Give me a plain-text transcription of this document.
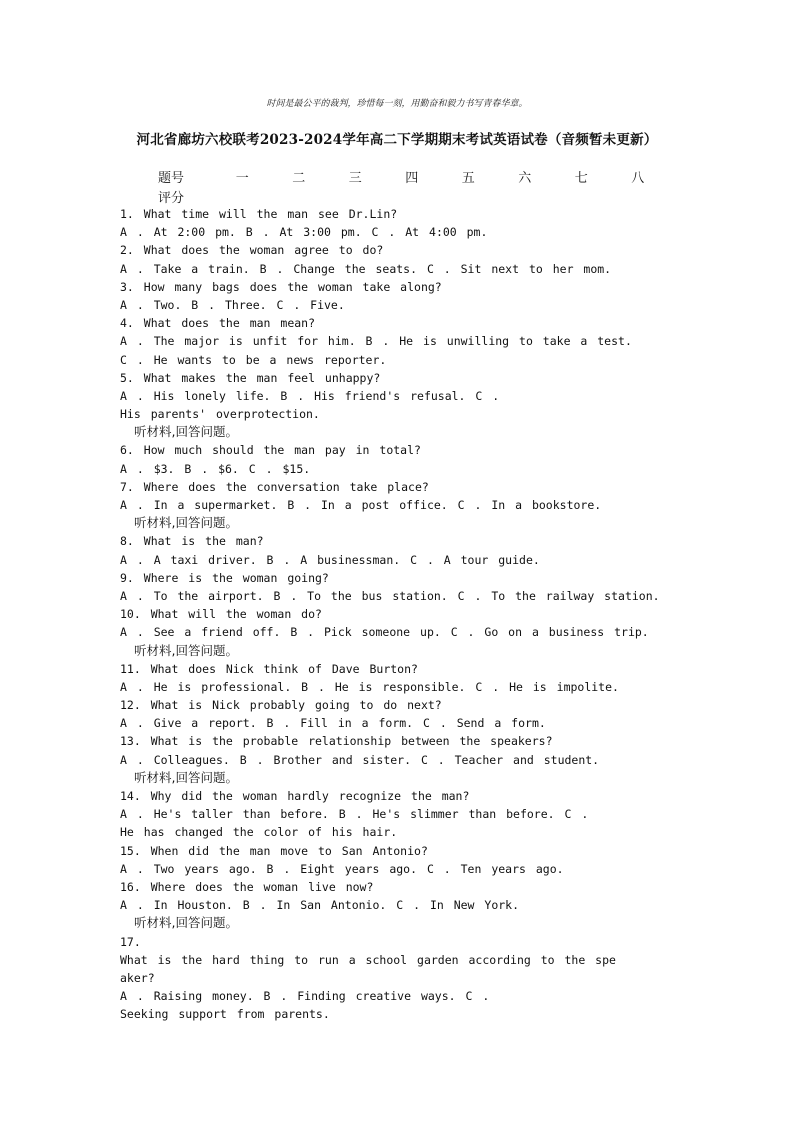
时间是最公平的裁判，珍惜每一刻，用勤奋和毅力书写青春华章。
河北省廊坊六校联考2023-2024学年高二下学期期末考试英语试卷（音频暂未更新）
题号	一	二	三	四	五	六	七	八
评分
1. What time will the man see Dr.Lin?
A . At 2:00 pm. B . At 3:00 pm. C . At 4:00 pm.
2. What does the woman agree to do?
A . Take a train. B . Change the seats. C . Sit next to her mom.
3. How many bags does the woman take along?
A . Two. B . Three. C . Five.
4. What does the man mean?
A . The major is unfit for him. B . He is unwilling to take a test.
C . He wants to be a news reporter.
5. What makes the man feel unhappy?
A . His lonely life. B . His friend's refusal. C .
His parents' overprotection.
听材料,回答问题。
6. How much should the man pay in total?
A . $3. B . $6. C . $15.
7. Where does the conversation take place?
A . In a supermarket. B . In a post office. C . In a bookstore.
听材料,回答问题。
8. What is the man?
A . A taxi driver. B . A businessman. C . A tour guide.
9. Where is the woman going?
A . To the airport. B . To the bus station. C . To the railway station.
10. What will the woman do?
A . See a friend off. B . Pick someone up. C . Go on a business trip.
听材料,回答问题。
11. What does Nick think of Dave Burton?
A . He is professional. B . He is responsible. C . He is impolite.
12. What is Nick probably going to do next?
A . Give a report. B . Fill in a form. C . Send a form.
13. What is the probable relationship between the speakers?
A . Colleagues. B . Brother and sister. C . Teacher and student.
听材料,回答问题。
14. Why did the woman hardly recognize the man?
A . He's taller than before. B . He's slimmer than before. C .
He has changed the color of his hair.
15. When did the man move to San Antonio?
A . Two years ago. B . Eight years ago. C . Ten years ago.
16. Where does the woman live now?
A . In Houston. B . In San Antonio. C . In New York.
听材料,回答问题。
17.
What is the hard thing to run a school garden according to the spe
aker?
A . Raising money. B . Finding creative ways. C .
Seeking support from parents.
